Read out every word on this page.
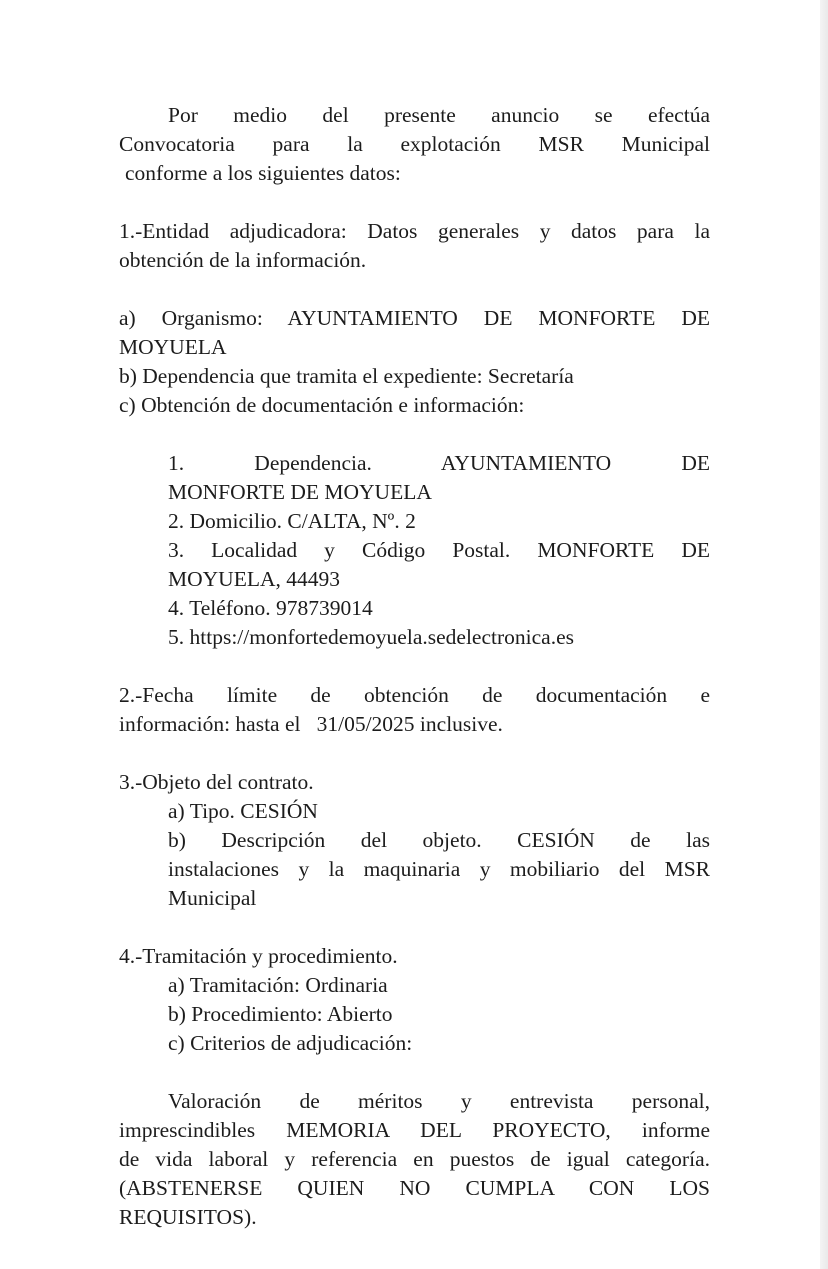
Por medio del presente anuncio se efectúa

Convocatoria para la explotación MSR Municipal

conforme a los siguientes datos:

1.-Entidad adjudicadora: Datos generales y datos para la

obtención de la información.

a) Organismo: AYUNTAMIENTO DE MONFORTE DE

MOYUELA

b) Dependencia que tramita el expediente: Secretaría

c) Obtención de documentación e información:

1. Dependencia. AYUNTAMIENTO DE

MONFORTE DE MOYUELA

2. Domicilio. C/ALTA, Nº. 2

3. Localidad y Código Postal. MONFORTE DE

MOYUELA, 44493

4. Teléfono. 978739014

5. https://monfortedemoyuela.sedelectronica.es

2.-Fecha límite de obtención de documentación e

información: hasta el   31/05/2025 inclusive.

3.-Objeto del contrato.

a) Tipo. CESIÓN

b) Descripción del objeto. CESIÓN de las

instalaciones y la maquinaria y mobiliario del MSR

Municipal

4.-Tramitación y procedimiento.

a) Tramitación: Ordinaria

b) Procedimiento: Abierto

c) Criterios de adjudicación:

Valoración de méritos y entrevista personal,

imprescindibles MEMORIA DEL PROYECTO, informe

de vida laboral y referencia en puestos de igual categoría.

(ABSTENERSE QUIEN NO CUMPLA CON LOS

REQUISITOS).
